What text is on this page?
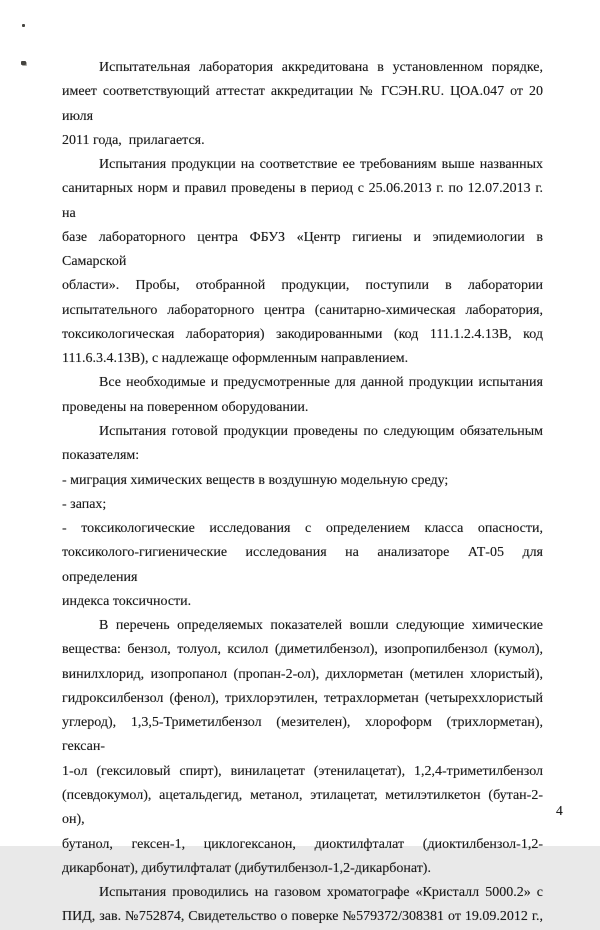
Испытательная лаборатория аккредитована в установленном порядке,
имеет соответствующий аттестат аккредитации № ГСЭН.RU. ЦОА.047 от 20 июля
2011 года,  прилагается.
Испытания продукции на соответствие ее требованиям выше названных
санитарных норм и правил проведены в период с 25.06.2013 г. по 12.07.2013 г. на
базе лабораторного центра ФБУЗ «Центр гигиены и эпидемиологии в Самарской
области». Пробы, отобранной продукции, поступили в лаборатории
испытательного лабораторного центра (санитарно-химическая лаборатория,
токсикологическая лаборатория) закодированными (код 111.1.2.4.13В, код
111.6.3.4.13В), с надлежаще оформленным направлением.
Все необходимые и предусмотренные для данной продукции испытания
проведены на поверенном оборудовании.
Испытания готовой продукции проведены по следующим обязательным
показателям:
- миграция химических веществ в воздушную модельную среду;
- запах;
- токсикологические исследования с определением класса опасности,
токсиколого-гигиенические исследования на анализаторе АТ-05 для определения
индекса токсичности.
В перечень определяемых показателей вошли следующие химические
вещества: бензол, толуол, ксилол (диметилбензол), изопропилбензол (кумол),
винилхлорид, изопропанол (пропан-2-ол), дихлорметан (метилен хлористый),
гидроксилбензол (фенол), трихлорэтилен, тетрахлорметан (четыреххлористый
углерод), 1,3,5-Триметилбензол (мезителен), хлороформ (трихлорметан), гексан-
1-ол (гексиловый спирт), винилацетат (этенилацетат), 1,2,4-триметилбензол
(псевдокумол), ацетальдегид, метанол, этилацетат, метилэтилкетон (бутан-2-он),
бутанол, гексен-1, циклогексанон, диоктилфталат (диоктилбензол-1,2-
дикарбонат), дибутилфталат (дибутилбензол-1,2-дикарбонат).
Испытания проводились на газовом хроматографе «Кристалл 5000.2» с
ПИД, зав. №752874, Свидетельство о поверке №579372/308381 от 19.09.2012 г.,
4
